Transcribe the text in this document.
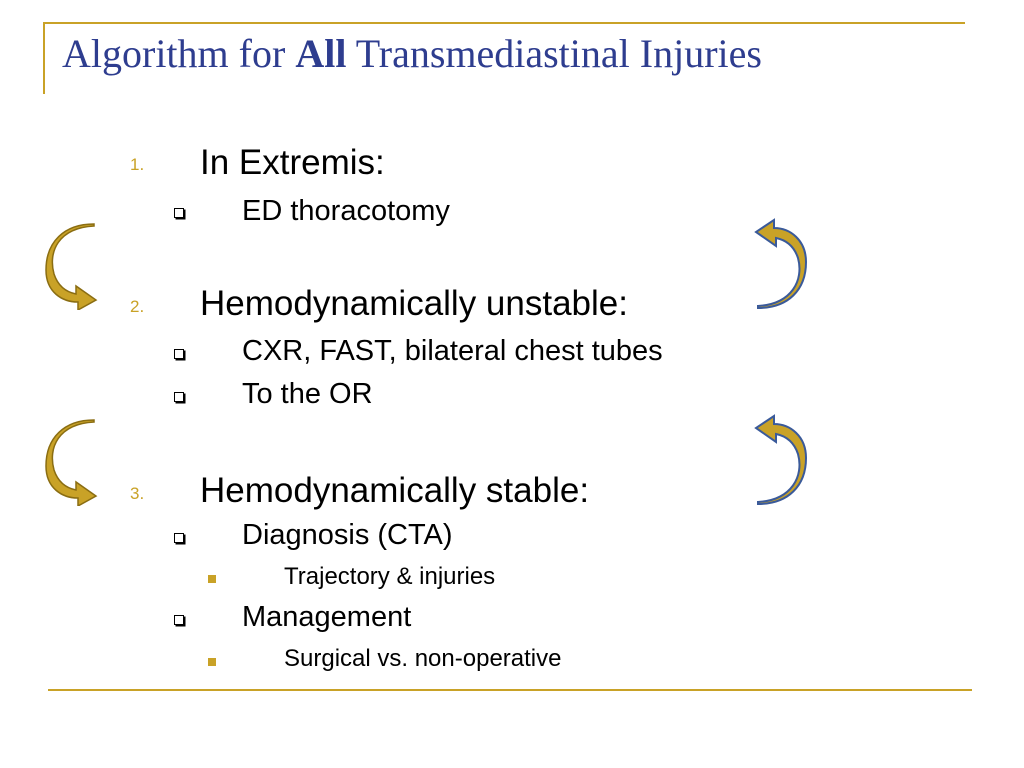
Algorithm for All Transmediastinal Injuries
1. In Extremis:
ED thoracotomy
2. Hemodynamically unstable:
CXR, FAST, bilateral chest tubes
To the OR
3. Hemodynamically stable:
Diagnosis (CTA)
Trajectory & injuries
Management
Surgical vs. non-operative
